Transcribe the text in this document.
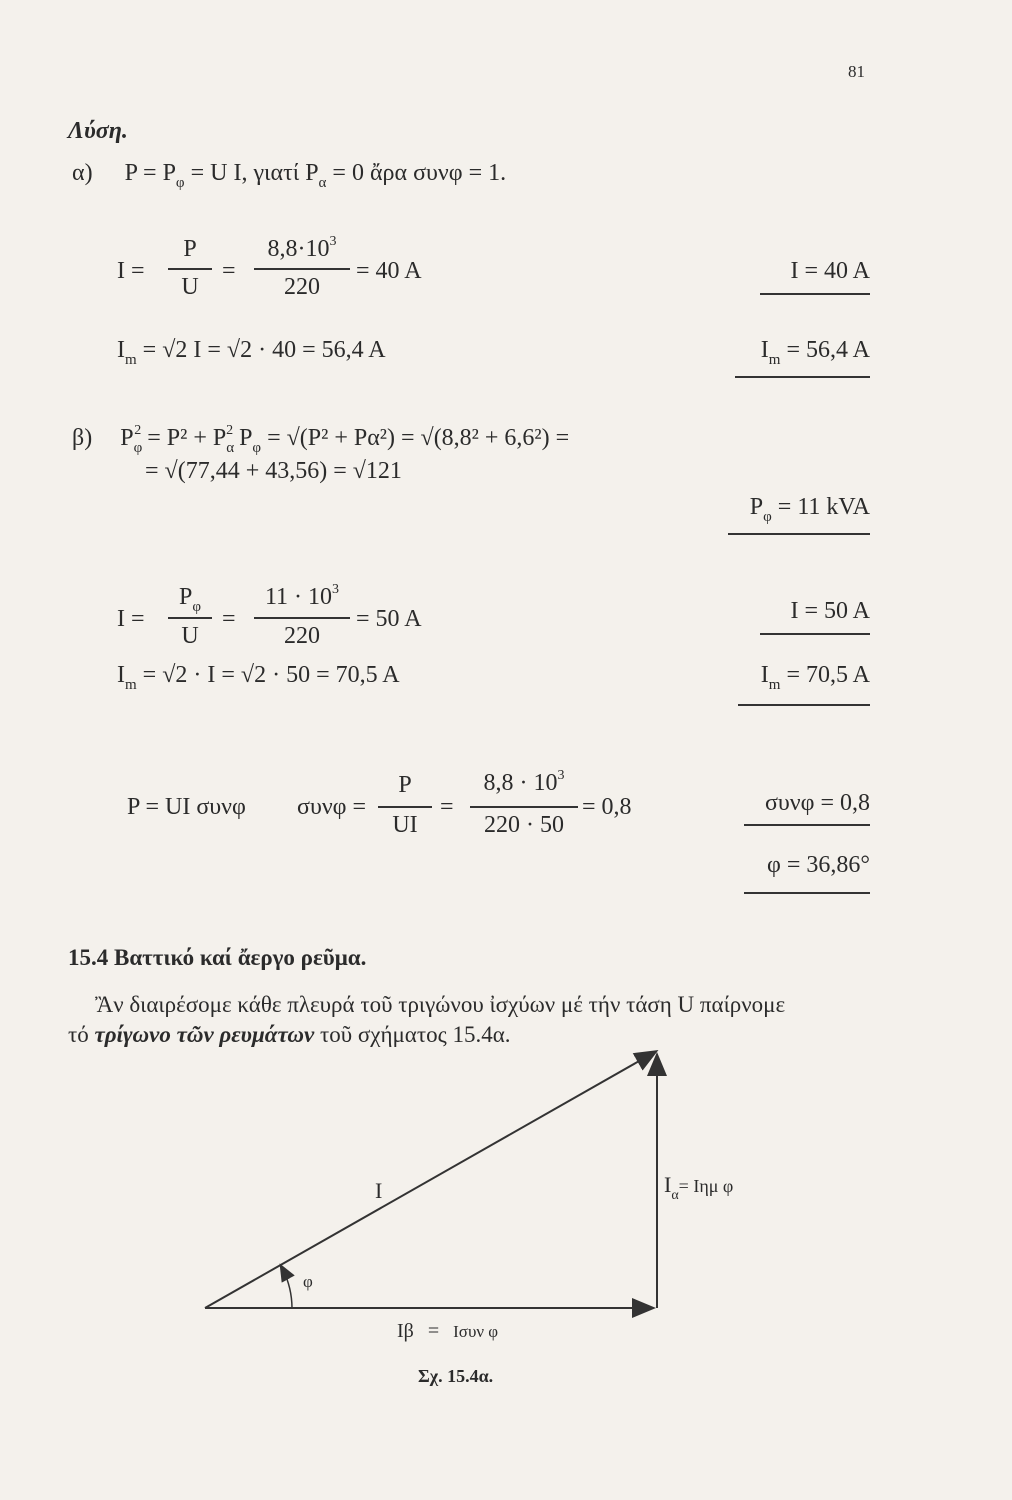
81
Λύση.
α) $P = P_\varphi = U$ I, γιατί $P_\alpha = 0$ ἄρα συνφ = 1.
I =
P
U
=
$8,8\cdot 10^3$
220
= 40 A	I = 40 A
$I_m = √2$ I = √2 · 40 = 56,4 A	$I_m = 56,4$ A
β) $P_\varphi^2 = P^2 + P_\alpha^2$ $P_\varphi = √(P^2 + P\alpha^2) = √(8,8^2 + 6,6^2)$ =
= √(77,44 + 43,56) = √121
$P_\varphi = 11$ kVA
I =
$P_\varphi$
U
=
$11 \cdot 10^3$
220
= 50 A	I = 50 A
$I_m = √2 \cdot I = √2 \cdot 50 = 70,5$ A	$I_m = 70,5$ A
P = UI συνφ συνφ =
P
UI
=
$8,8 \cdot 10^3$
220 · 50
= 0,8	συνφ = 0,8
φ = 36,86°
15.4 Βαττικό καί ἄεργο ρεῦμα.
Ἂν διαιρέσομε κάθε πλευρά τοῦ τριγώνου ἰσχύων μέ τήν τάση U παίρνομε
τό τρίγωνο τῶν ρευμάτων τοῦ σχήματος 15.4α.
I	$I_\alpha= I\eta\mu$ φ
φ
Iβ = Iσυν φ
Σχ. 15.4α.
